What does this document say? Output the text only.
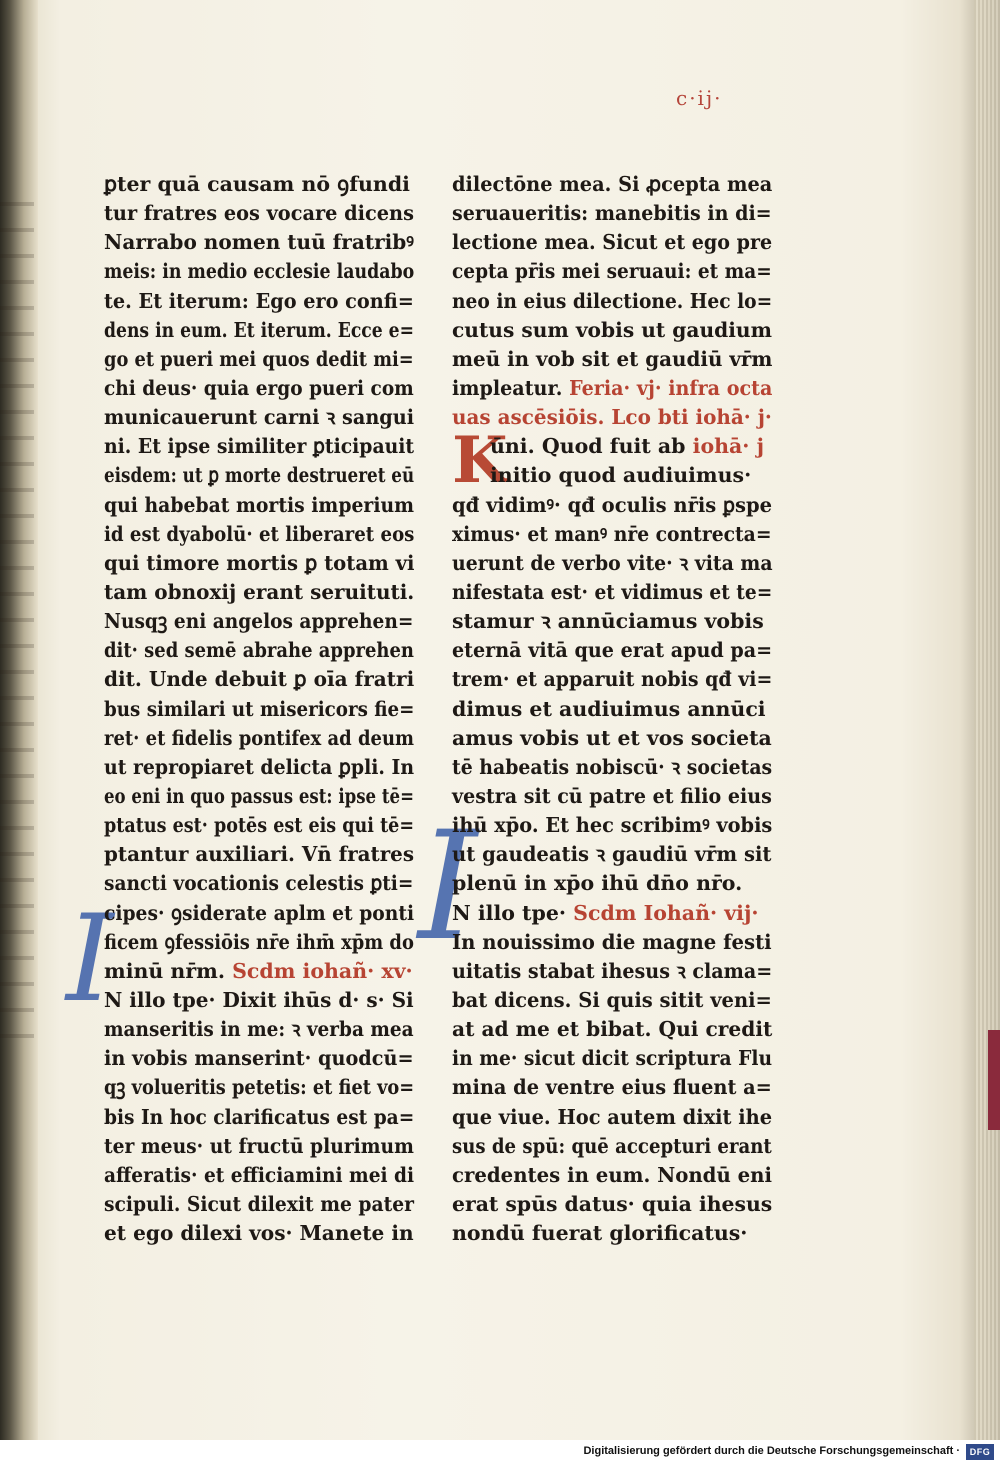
c·ij·
I I
ꝑter quā causam nō ꝯfundi
tur fratres eos vocare dicens
Narrabo nomen tuū fratribꝰ
meis: in medio ecclesie laudabo
te. Et iterum: Ego ero confi=
dens in eum. Et iterum. Ecce e=
go et pueri mei quos dedit mi=
chi deus· quia ergo pueri com
municauerunt carni ꝛ sangui
ni. Et ipse similiter ꝑticipauit
eisdem: ut ꝑ morte destrueret eū
qui habebat mortis imperium
id est dyabolū· et liberaret eos
qui timore mortis ꝑ totam vi
tam obnoxij erant seruituti.
Nusqꝫ eni angelos apprehen=
dit· sed semē abrahe apprehen
dit. Unde debuit ꝑ oīa fratri
bus similari ut misericors fie=
ret· et fidelis pontifex ad deum
ut repropiaret delicta ꝑpli. In
eo eni in quo passus est: ipse tē=
ptatus est· potēs est eis qui tē=
ptantur auxiliari. Vn̄ fratres
sancti vocationis celestis ꝑti=
cipes· ꝯsiderate aplm et ponti
ficem ꝯfessiōis nr̄e ihm̄ xp̄m do
minū nr̄m. Scdm iohañ· xv·
N illo tpe· Dixit ihūs d· s· Si
manseritis in me: ꝛ verba mea
in vobis manserint· quodcū=
qꝫ volueritis petetis: et fiet vo=
bis In hoc clarificatus est pa=
ter meus· ut fructū plurimum
afferatis· et efficiamini mei di
scipuli. Sicut dilexit me pater
et ego dilexi vos· Manete in
dilectōne mea. Si ꝓcepta mea
seruaueritis: manebitis in di=
lectione mea. Sicut et ego pre
cepta pr̄is mei seruaui: et ma=
neo in eius dilectione. Hec lo=
cutus sum vobis ut gaudium
meū in vob sit et gaudiū vr̄m
impleatur. Feria· vj· infra octa
uas ascēsiōis. Lco bti iohā· j·
K
ūni. Quod fuit ab iohā· j
initio quod audiuimus·
qđ vidimꝰ· qđ oculis nr̄is ꝑspe
ximus· et manꝰ nr̄e contrecta=
uerunt de verbo vite· ꝛ vita ma
nifestata est· et vidimus et te=
stamur ꝛ annūciamus vobis
eternā vitā que erat apud pa=
trem· et apparuit nobis qđ vi=
dimus et audiuimus annūci
amus vobis ut et vos societa
tē habeatis nobiscū· ꝛ societas
vestra sit cū patre et filio eius
ihū xp̄o. Et hec scribimꝰ vobis
ut gaudeatis ꝛ gaudiū vr̄m sit
plenū in xp̄o ihū dn̄o nr̄o.
N illo tpe· Scdm Iohañ· vij·
In nouissimo die magne festi
uitatis stabat ihesus ꝛ clama=
bat dicens. Si quis sitit veni=
at ad me et bibat. Qui credit
in me· sicut dicit scriptura Flu
mina de ventre eius fluent a=
que viue. Hoc autem dixit ihe
sus de spū: quē accepturi erant
credentes in eum. Nondū eni
erat spūs datus· quia ihesus
nondū fuerat glorificatus·
Digitalisierung gefördert durch die Deutsche Forschungsgemeinschaft ·	DFG
